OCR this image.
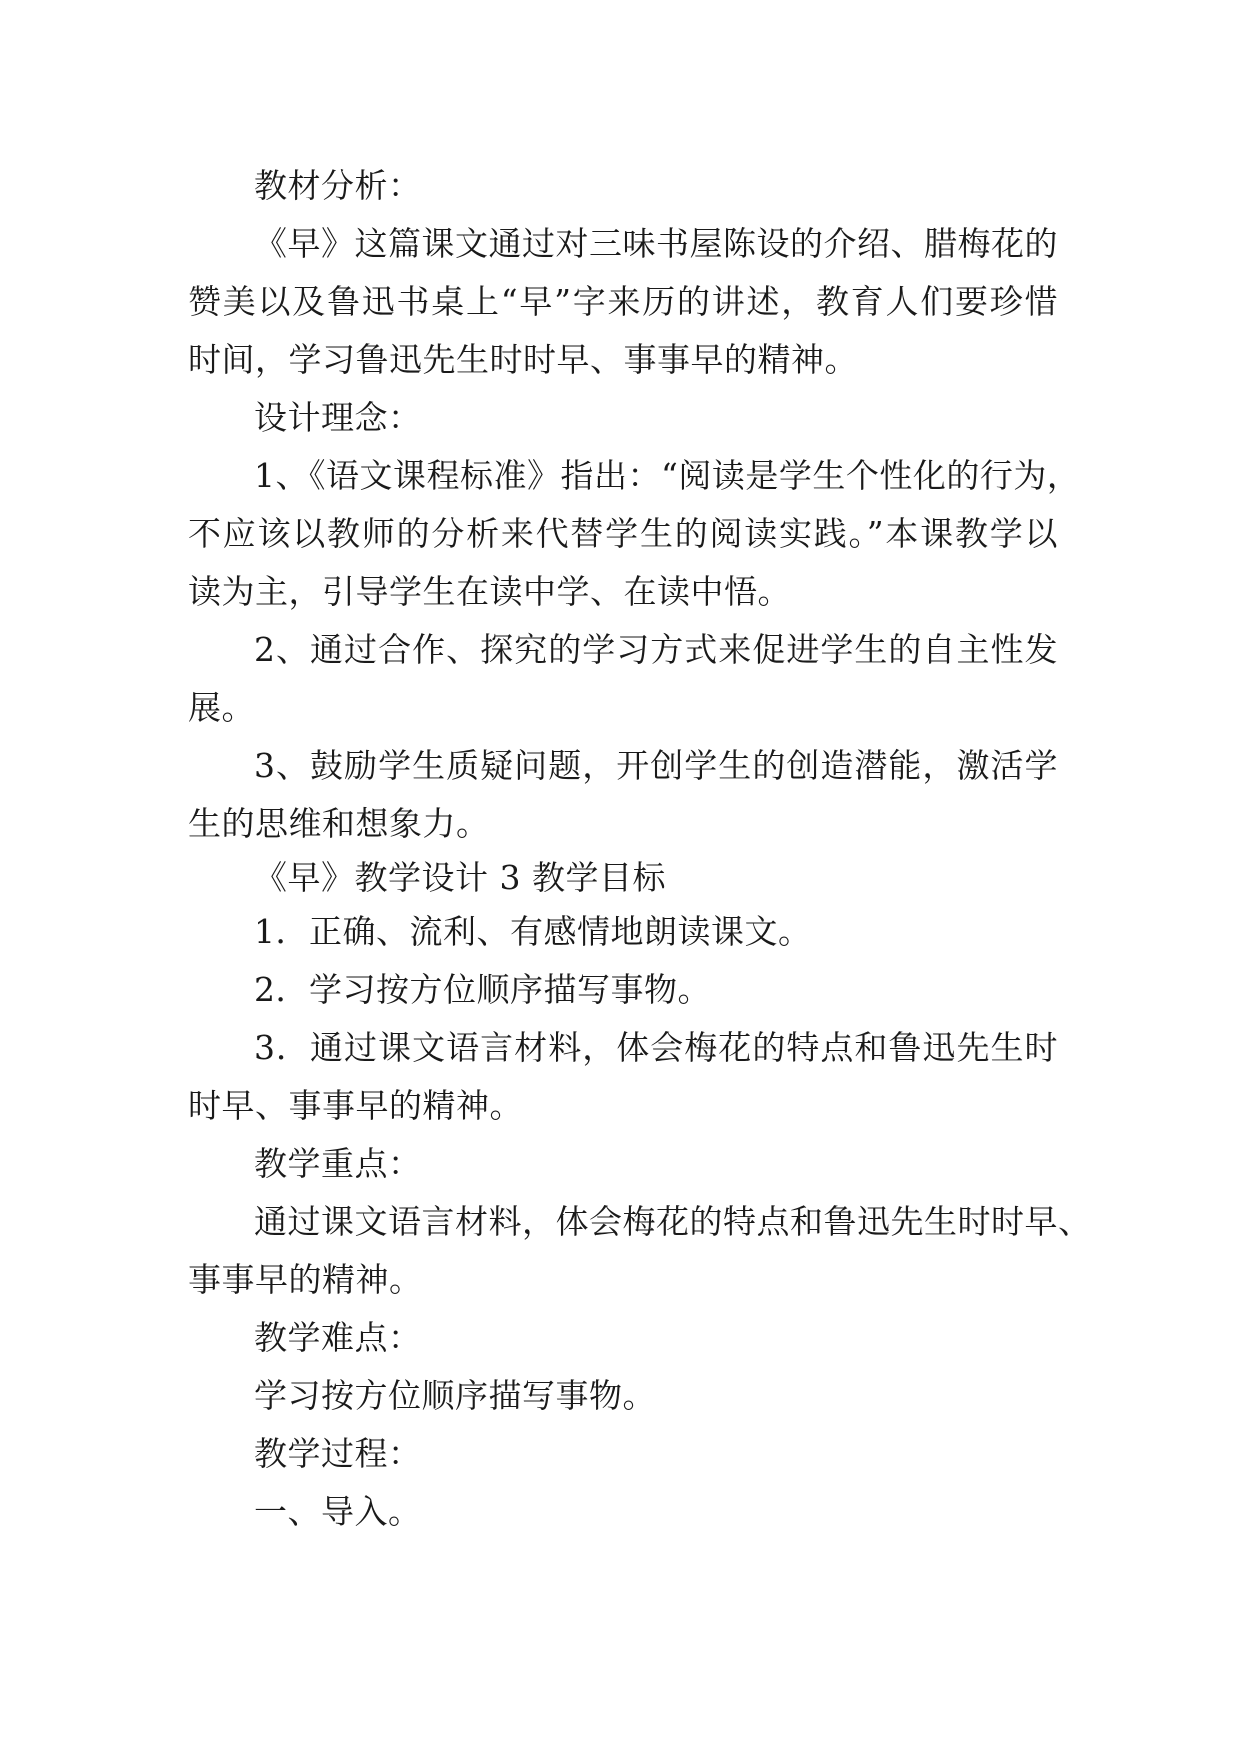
教材分析：
《早》这篇课文通过对三味书屋陈设的介绍、腊梅花的
赞美以及鲁迅书桌上“早”字来历的讲述，教育人们要珍惜
时间，学习鲁迅先生时时早、事事早的精神。
设计理念：
1、《语文课程标准》指出：“阅读是学生个性化的行为，
不应该以教师的分析来代替学生的阅读实践。”本课教学以
读为主，引导学生在读中学、在读中悟。
2、通过合作、探究的学习方式来促进学生的自主性发
展。
3、鼓励学生质疑问题，开创学生的创造潜能，激活学
生的思维和想象力。
《早》教学设计 3 教学目标
1．正确、流利、有感情地朗读课文。
2．学习按方位顺序描写事物。
3．通过课文语言材料，体会梅花的特点和鲁迅先生时
时早、事事早的精神。
教学重点：
通过课文语言材料，体会梅花的特点和鲁迅先生时时早、
事事早的精神。
教学难点：
学习按方位顺序描写事物。
教学过程：
一、导入。
